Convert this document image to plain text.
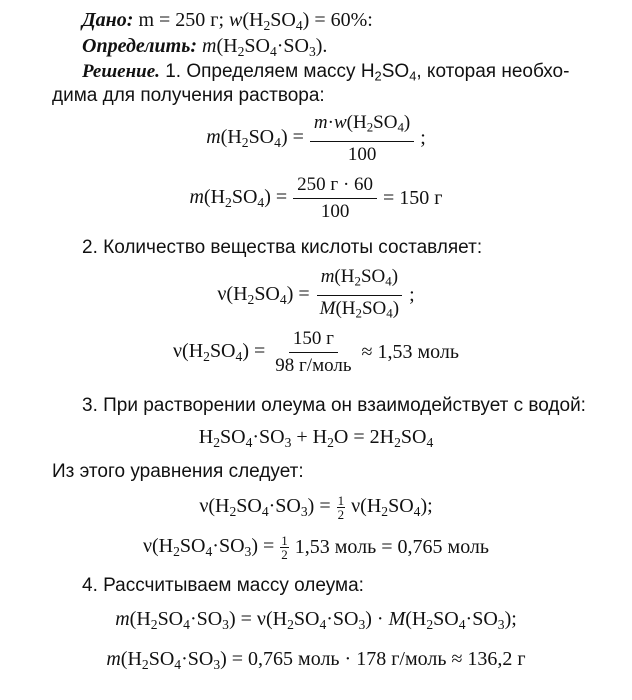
Дано: m = 250 г; $w(H_2SO_4) = 60\%$:
Определить: $m(H_2SO_4\cdot SO_3)$.
Решение. 1. Определяем массу $H_2SO_4$, которая необхо-
дима для получения раствора:
$m(H_2SO_4) = \frac{m\cdot w(H_2SO_4)}{100}$ ;
$m(H_2SO_4) = \frac{250 г \cdot 60}{100} = 150$ г
2. Количество вещества кислоты составляет:
$\nu(H_2SO_4) = \frac{m(H_2SO_4)}{M(H_2SO_4)}$ ;
$\nu(H_2SO_4) = \frac{150 г}{\text{98 г/моль}} \approx 1,53$ моль
3. При растворении олеума он взаимодействует с водой:
$H_2SO_4\cdot SO_3 + H_2O = 2H_2SO_4$
Из этого уравнения следует:
$\nu(H_2SO_4\cdot SO_3) = \frac{1}{2} \nu(H_2SO_4)$;
$\nu(H_2SO_4\cdot SO_3) = \frac{1}{2} 1,53$ моль = 0,765 моль
4. Рассчитываем массу олеума:
$m(H_2SO_4\cdot SO_3) = \nu(H_2SO_4\cdot SO_3) \cdot M(H_2SO_4\cdot SO_3)$;
$m(H_2SO_4\cdot SO_3) = 0,765$ моль · 178 г/моль ≈ 136,2 г
